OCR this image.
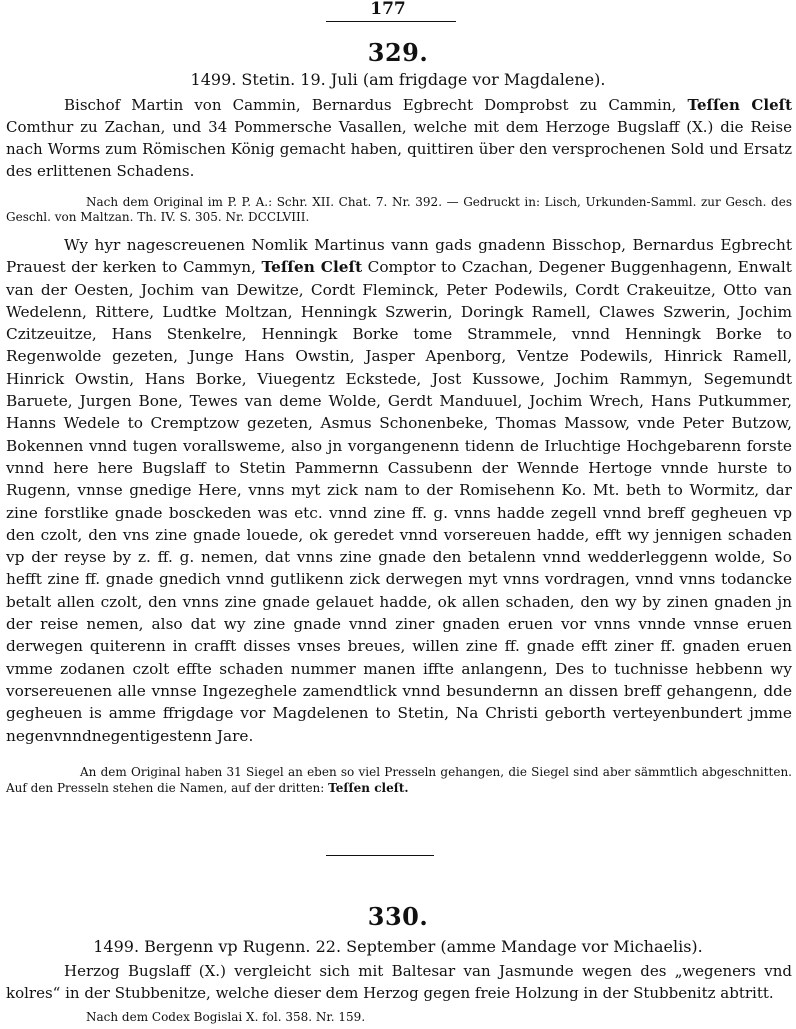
177
329.
1499. Stetin. 19. Juli (am frigdage vor Magdalene).
Bischof Martin von Cammin, Bernardus Egbrecht Domprobst zu Cammin, Teſſen Cleſt Comthur zu Zachan, und 34 Pommersche Vasallen, welche mit dem Herzoge Bugslaff (X.) die Reise nach Worms zum Römischen König gemacht haben, quittiren über den versprochenen Sold und Ersatz des erlittenen Schadens.
Nach dem Original im P. P. A.: Schr. XII. Chat. 7. Nr. 392. — Gedruckt in: Lisch, Urkunden-Samml. zur Gesch. des Geschl. von Maltzan. Th. IV. S. 305. Nr. DCCLVIII.
Wy hyr nagescreuenen Nomlik Martinus vann gads gnadenn Bisschop, Bernardus Egbrecht Prauest der kerken to Cammyn, Teſſen Cleſt Comptor to Czachan, Degener Buggenhagenn, Enwalt van der Oesten, Jochim van Dewitze, Cordt Fleminck, Peter Podewils, Cordt Crakeuitze, Otto van Wedelenn, Rittere, Ludtke Moltzan, Henningk Szwerin, Doringk Ramell, Clawes Szwerin, Jochim Czitzeuitze, Hans Stenkelre, Henningk Borke tome Strammele, vnnd Henningk Borke to Regenwolde gezeten, Junge Hans Owstin, Jasper Apenborg, Ventze Podewils, Hinrick Ramell, Hinrick Owstin, Hans Borke, Viuegentz Eckstede, Jost Kussowe, Jochim Rammyn, Segemundt Baruete, Jurgen Bone, Tewes van deme Wolde, Gerdt Manduuel, Jochim Wrech, Hans Putkummer, Hanns Wedele to Cremptzow gezeten, Asmus Schonenbeke, Thomas Massow, vnde Peter Butzow, Bokennen vnnd tugen vorallsweme, also jn vorgangenenn tidenn de Irluchtige Hochgebarenn forste vnnd here here Bugslaff to Stetin Pammernn Cassubenn der Wennde Hertoge vnnde hurste to Rugenn, vnnse gnedige Here, vnns myt zick nam to der Romisehenn Ko. Mt. beth to Wormitz, dar zine forstlike gnade bosckeden was etc. vnnd zine ff. g. vnns hadde zegell vnnd breff gegheuen vp den czolt, den vns zine gnade louede, ok geredet vnnd vorsereuen hadde, efft wy jennigen schaden vp der reyse by z. ff. g. nemen, dat vnns zine gnade den betalenn vnnd wedderleggenn wolde, So hefft zine ff. gnade gnedich vnnd gutlikenn zick derwegen myt vnns vordragen, vnnd vnns todancke betalt allen czolt, den vnns zine gnade gelauet hadde, ok allen schaden, den wy by zinen gnaden jn der reise nemen, also dat wy zine gnade vnnd ziner gnaden eruen vor vnns vnnde vnnse eruen derwegen quiterenn in crafft disses vnses breues, willen zine ff. gnade efft ziner ff. gnaden eruen vmme zodanen czolt effte schaden nummer manen iffte anlangenn, Des to tuchnisse hebbenn wy vorsereuenen alle vnnse Ingezeghele zamendtlick vnnd besundernn an dissen breff gehangenn, dde gegheuen is amme ffrigdage vor Magdelenen to Stetin, Na Christi geborth verteyenbundert jmme negenvnndnegentigestenn Jare.
An dem Original haben 31 Siegel an eben so viel Presseln gehangen, die Siegel sind aber sämmtlich abgeschnitten. Auf den Presseln stehen die Namen, auf der dritten: Teſſen cleſt.
330.
1499. Bergenn vp Rugenn. 22. September (amme Mandage vor Michaelis).
Herzog Bugslaff (X.) vergleicht sich mit Baltesar van Jasmunde wegen des „wegeners vnd kolres“ in der Stubbenitze, welche dieser dem Herzog gegen freie Holzung in der Stubbenitz abtritt.
Nach dem Codex Bogislai X. fol. 358. Nr. 159.
